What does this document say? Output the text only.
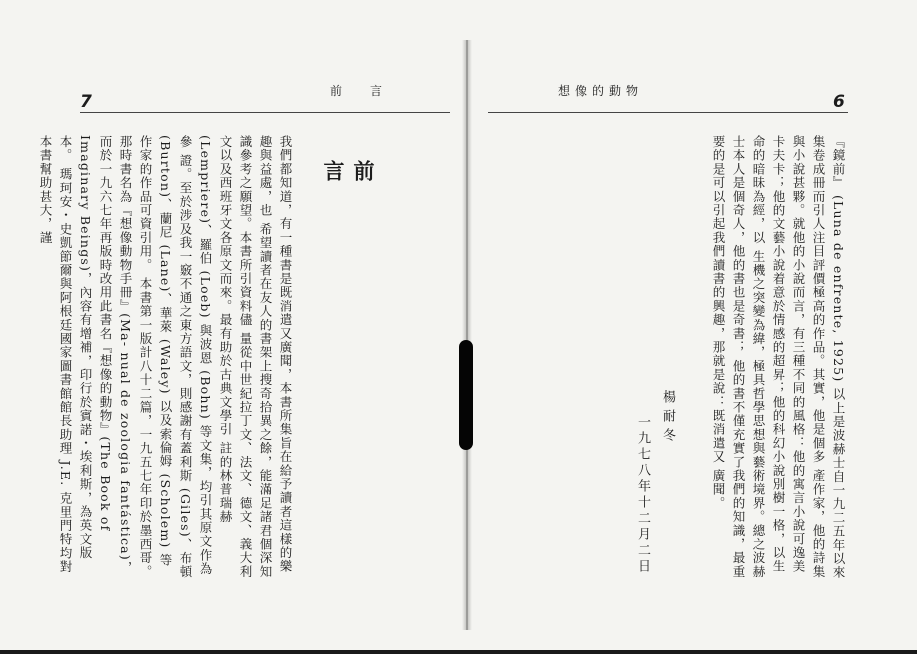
7
前言
前言
我們都知道，有一種書是既消遣又廣聞，本書所集旨在給予讀者這樣的樂趣與益處，也 希望讀者在友人的書架上搜奇拾異之餘，能滿足諸君個深知識參考之願望。本書所引資料儘 量從中世紀拉丁文、法文、德文、義大利文以及西班牙文各原文而來。最有助於古典文學引 註的林普瑞赫 (Lempriere)、羅伯 (Loeb) 與波恩 (Bohn) 等文集，均引其原文作為參 證。至於涉及我一竅不通之東方語文，則感謝有蓋利斯 (Giles)、布頓 (Burton)、蘭尼 (Lane)、華萊 (Waley) 以及索倫姆 (Scholem) 等作家的作品可資引用。 本書第一版計八十二篇，一九五七年印於墨西哥。那時書名為『想像動物手冊』(Ma- nual de zoologia fantástica)，而於一九六七年再版時改用此書名『想像的動物』(The Book of Imaginary Beings)，內容有增補，印行於賓諾・埃利斯，為英文版本。 瑪珂安・史凱節爾與阿根廷國家圖書館館長助理 J.E. 克里門特均對本書幫助甚大，謹
6
想像的動物
『鏡前』 (Luna de enfrente, 1925) 以上是波赫士自一九二五年以來集卷成冊而引人注目評價極高的作品。其實，他是個多 產作家，他的詩集與小說甚夥。就他的小說而言，有三種不同的風格：他的寓言小說可逸美 卡夫卡；他的文藝小說着意於情感的超昇；他的科幻小說別樹一格，以生命的暗昧為經，以 生機之突變為緯，極具哲學思想與藝術境界。總之波赫士本人是個奇人，他的書也是奇書； 他的書不僅充實了我們的知識，最重要的是可以引起我們讀書的興趣，那就是說：既消遣又 廣聞。
楊耐冬
一九七八年十二月二日
